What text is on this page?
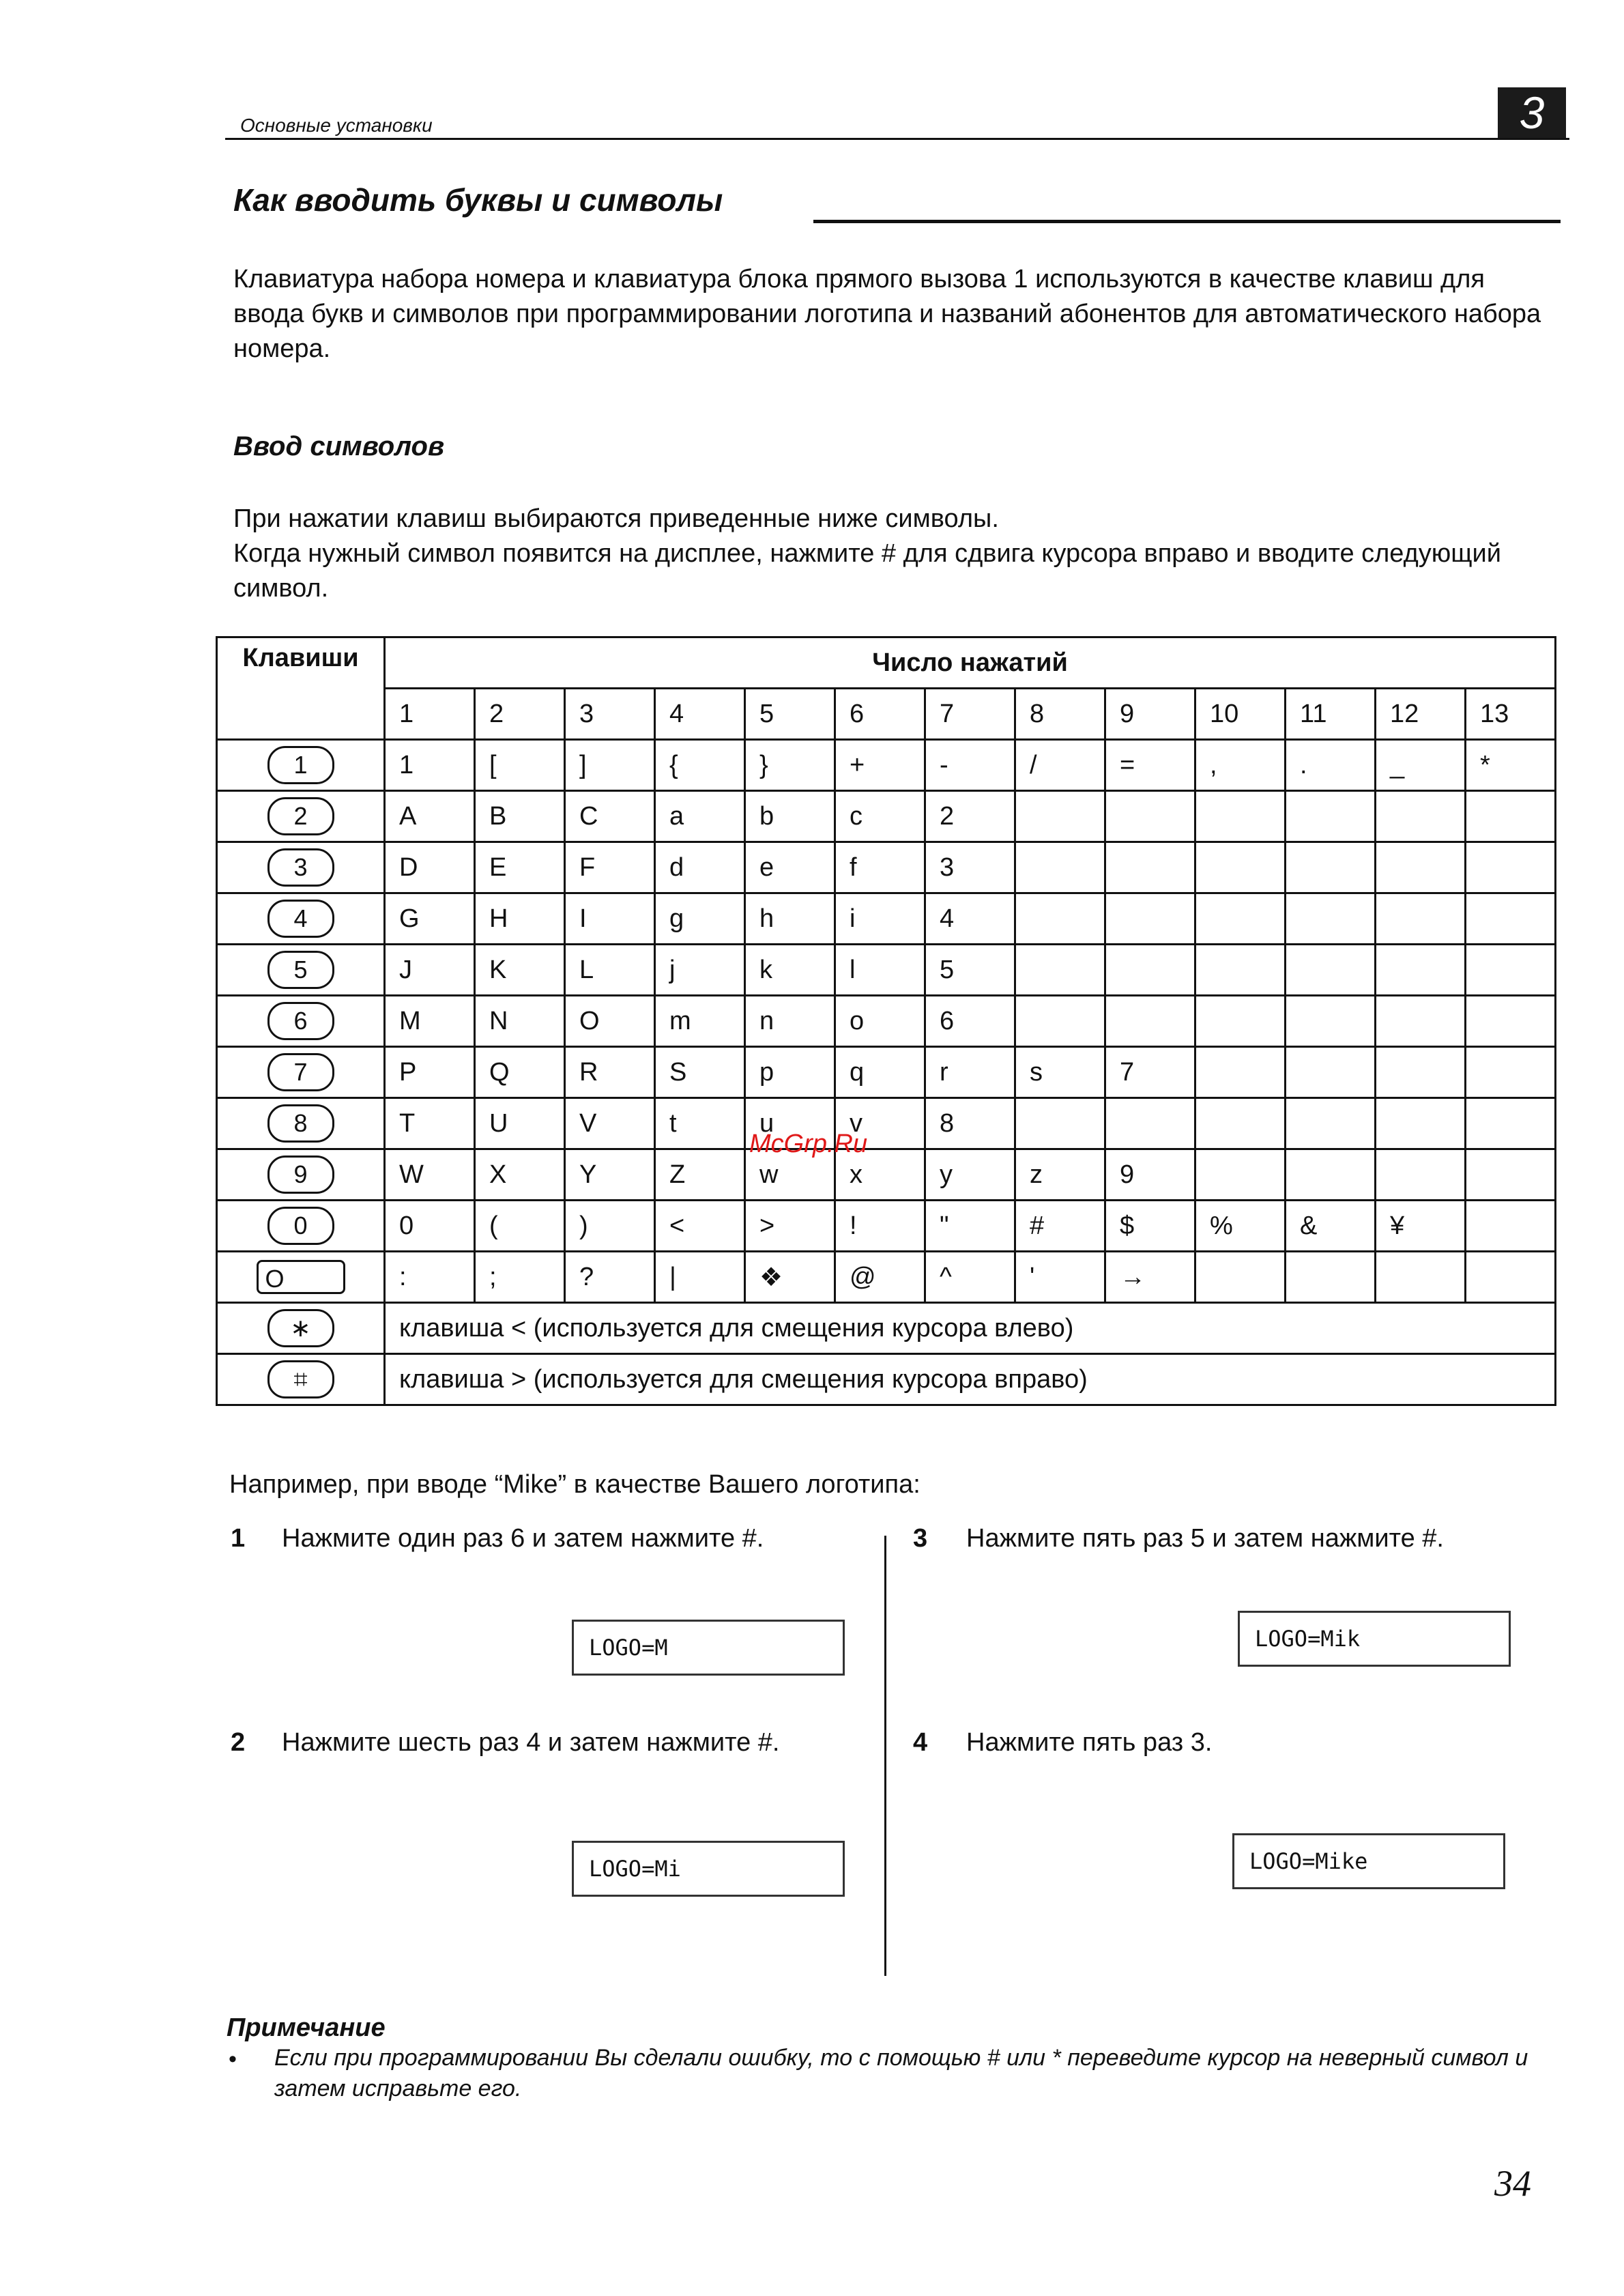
Основные установки	3
Как вводить буквы и символы
Клавиатура набора номера и клавиатура блока прямого вызова 1 используются в качестве клавиш для ввода букв и символов при программировании логотипа и названий абонентов для автоматического набора номера.
Ввод символов
При нажатии клавиш выбираются приведенные ниже символы.
Когда нужный символ появится на дисплее, нажмите # для сдвига курсора вправо и вводите следующий символ.
Клавиши	Число нажатий												
	1	2	3	4	5	6	7	8	9	10	11	12	13
1	1	[	]	{	}	+	-	/	=	,	.	_	*
2	A	B	C	a	b	c	2						
3	D	E	F	d	e	f	3						
4	G	H	I	g	h	i	4						
5	J	K	L	j	k	l	5						
6	M	N	O	m	n	o	6						
7	P	Q	R	S	p	q	r	s	7				
8	T	U	V	t	u	v	8						
9	W	X	Y	Z	w	x	y	z	9				
0	0	(	)	<	>	!	"	#	$	%	&	¥	
O	:	;	?	|	❖	@	^	'	→				
∗	клавиша < (используется для смещения курсора влево)												
⌗	клавиша > (используется для смещения курсора вправо)												
McGrp.Ru
Например, при вводе “Mike” в качестве Вашего логотипа:
1 Нажмите один раз 6 и затем нажмите #.
LOGO=M
2 Нажмите шесть раз 4 и затем нажмите #.
LOGO=Mi
3 Нажмите пять раз 5 и затем нажмите #.
LOGO=Mik
4 Нажмите пять раз 3.
LOGO=Mike
Примечание
• Если при программировании Вы сделали ошибку, то с помощью # или * переведите курсор на неверный символ и затем исправьте его.
34
